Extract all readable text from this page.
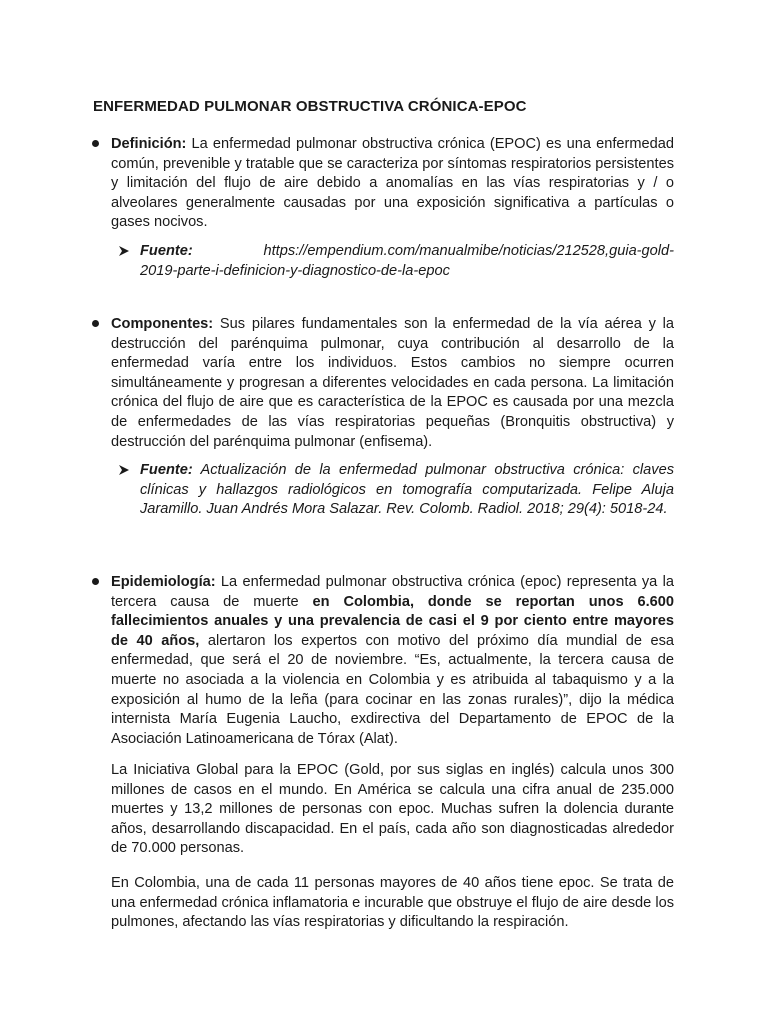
ENFERMEDAD PULMONAR OBSTRUCTIVA CRÓNICA-EPOC

Definición: La enfermedad pulmonar obstructiva crónica (EPOC) es una enfermedad común, prevenible y tratable que se caracteriza por síntomas respiratorios persistentes y limitación del flujo de aire debido a anomalías en las vías respiratorias y / o alveolares generalmente causadas por una exposición significativa a partículas o gases nocivos.

Fuente:	https://empendium.com/manualmibe/noticias/212528,guia-gold-
2019-parte-i-definicion-y-diagnostico-de-la-epoc

Componentes: Sus pilares fundamentales son la enfermedad de la vía aérea y la destrucción del parénquima pulmonar, cuya contribución al desarrollo de la enfermedad varía entre los individuos. Estos cambios no siempre ocurren simultáneamente y progresan a diferentes velocidades en cada persona. La limitación crónica del flujo de aire que es característica de la EPOC es causada por una mezcla de enfermedades de las vías respiratorias pequeñas (Bronquitis obstructiva) y destrucción del parénquima pulmonar (enfisema).

Fuente: Actualización de la enfermedad pulmonar obstructiva crónica: claves clínicas y hallazgos radiológicos en tomografía computarizada. Felipe Aluja Jaramillo. Juan Andrés Mora Salazar. Rev. Colomb. Radiol. 2018; 29(4): 5018-24.

Epidemiología: La enfermedad pulmonar obstructiva crónica (epoc) representa ya la tercera causa de muerte en Colombia, donde se reportan unos 6.600 fallecimientos anuales y una prevalencia de casi el 9 por ciento entre mayores de 40 años, alertaron los expertos con motivo del próximo día mundial de esa enfermedad, que será el 20 de noviembre. “Es, actualmente, la tercera causa de muerte no asociada a la violencia en Colombia y es atribuida al tabaquismo y a la exposición al humo de la leña (para cocinar en las zonas rurales)”, dijo la médica internista María Eugenia Laucho, exdirectiva del Departamento de EPOC de la Asociación Latinoamericana de Tórax (Alat).

La Iniciativa Global para la EPOC (Gold, por sus siglas en inglés) calcula unos 300 millones de casos en el mundo. En América se calcula una cifra anual de 235.000 muertes y 13,2 millones de personas con epoc. Muchas sufren la dolencia durante años, desarrollando discapacidad. En el país, cada año son diagnosticadas alrededor de 70.000 personas.

En Colombia, una de cada 11 personas mayores de 40 años tiene epoc. Se trata de una enfermedad crónica inflamatoria e incurable que obstruye el flujo de aire desde los pulmones, afectando las vías respiratorias y dificultando la respiración.
